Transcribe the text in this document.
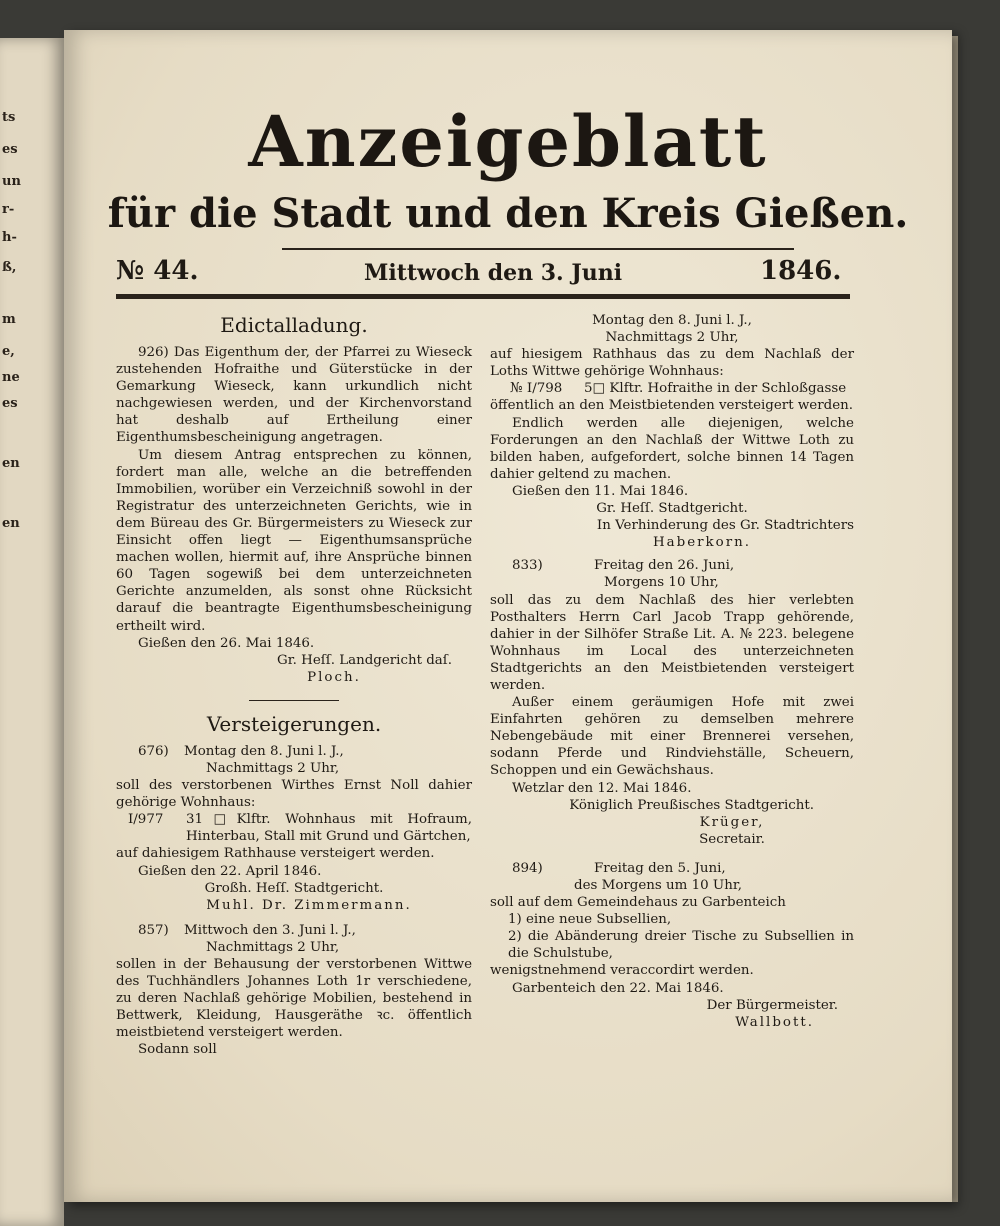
ts
es
un
r-
h-
ß,
m
e,
ne
es
en
en
Anzeigeblatt
für die Stadt und den Kreis Gießen.
№ 44.	Mittwoch den 3. Juni	1846.
Edictalladung.

926) Das Eigenthum der, der Pfarrei zu Wieseck zustehenden Hofraithe und Güterstücke in der Gemarkung Wieseck, kann urkundlich nicht nachgewiesen werden, und der Kirchenvorstand hat deshalb auf Ertheilung einer Eigenthumsbescheinigung angetragen.

Um diesem Antrag entsprechen zu können, fordert man alle, welche an die betreffenden Immobilien, worüber ein Verzeichniß sowohl in der Registratur des unterzeichneten Gerichts, wie in dem Büreau des Gr. Bürgermeisters zu Wieseck zur Einsicht offen liegt — Eigenthumsansprüche machen wollen, hiermit auf, ihre Ansprüche binnen 60 Tagen sogewiß bei dem unterzeichneten Gerichte anzumelden, als sonst ohne Rücksicht darauf die beantragte Eigenthumsbescheinigung ertheilt wird.

Gießen den 26. Mai 1846.

Gr. Heſſ. Landgericht daſ.

Ploch.

Versteigerungen.
676)	Montag den 8. Juni l. J.,

Nachmittags 2 Uhr,

soll des verstorbenen Wirthes Ernst Noll dahier gehörige Wohnhaus:

I/977	31□Klftr. Wohnhaus mit Hofraum, Hinterbau, Stall mit Grund und Gärtchen,

auf dahiesigem Rathhause versteigert werden.

Gießen den 22. April 1846.

Großh. Heſſ. Stadtgericht.

Muhl. Dr. Zimmermann.

857)	Mittwoch den 3. Juni l. J.,

Nachmittags 2 Uhr,

sollen in der Behausung der verstorbenen Wittwe des Tuchhändlers Johannes Loth 1r verschiedene, zu deren Nachlaß gehörige Mobilien, bestehend in Bettwerk, Kleidung, Hausgeräthe ꝛc. öffentlich meistbietend versteigert werden.

Sodann soll

Montag den 8. Juni l. J.,

Nachmittags 2 Uhr,

auf hiesigem Rathhaus das zu dem Nachlaß der Loths Wittwe gehörige Wohnhaus:

№ I/798	5□ Klftr. Hofraithe in der Schloßgasse

öffentlich an den Meistbietenden versteigert werden.

Endlich werden alle diejenigen, welche Forderungen an den Nachlaß der Wittwe Loth zu bilden haben, aufgefordert, solche binnen 14 Tagen dahier geltend zu machen.

Gießen den 11. Mai 1846.

Gr. Heſſ. Stadtgericht.

In Verhinderung des Gr. Stadtrichters

Haberkorn.

833)	Freitag den 26. Juni,

Morgens 10 Uhr,

soll das zu dem Nachlaß des hier verlebten Posthalters Herrn Carl Jacob Trapp gehörende, dahier in der Silhöfer Straße Lit. A. № 223. belegene Wohnhaus im Local des unterzeichneten Stadtgerichts an den Meistbietenden versteigert werden.

Außer einem geräumigen Hofe mit zwei Einfahrten gehören zu demselben mehrere Nebengebäude mit einer Brennerei versehen, sodann Pferde und Rindviehställe, Scheuern, Schoppen und ein Gewächshaus.

Wetzlar den 12. Mai 1846.

Königlich Preußisches Stadtgericht.

Krüger,

Secretair.

894)	Freitag den 5. Juni,

des Morgens um 10 Uhr,

soll auf dem Gemeindehaus zu Garbenteich

1) eine neue Subsellien,

2) die Abänderung dreier Tische zu Subsellien in die Schulstube,

wenigstnehmend veraccordirt werden.

Garbenteich den 22. Mai 1846.

Der Bürgermeister.

Wallbott.
